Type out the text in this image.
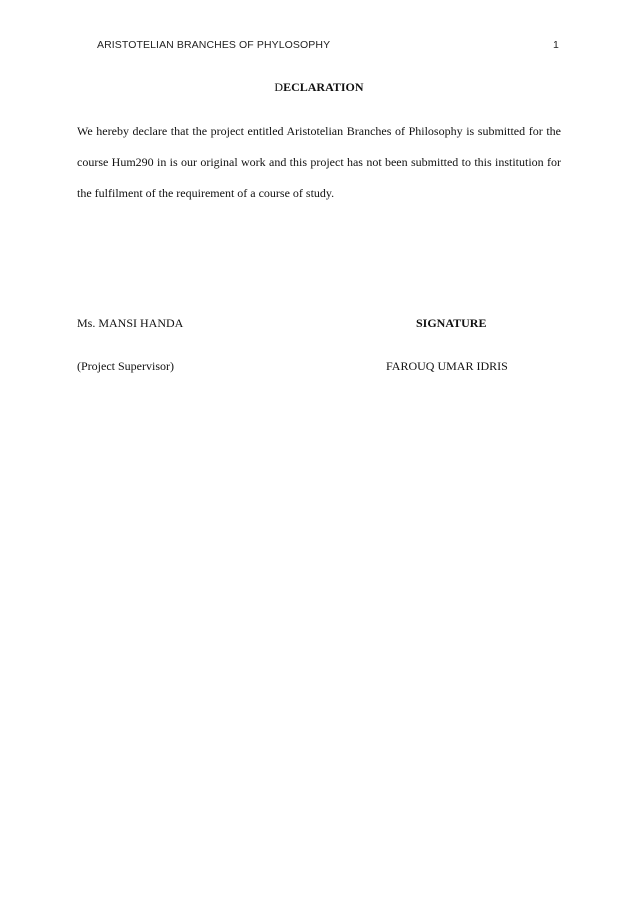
ARISTOTELIAN BRANCHES OF PHYLOSOPHY	1
DECLARATION

We hereby declare that the project entitled Aristotelian Branches of Philosophy is submitted for the course Hum290 in is our original work and this project has not been submitted to this institution for the fulfilment of the requirement of a course of study.

Ms. MANSI HANDA
(Project Supervisor)
SIGNATURE
FAROUQ UMAR IDRIS
